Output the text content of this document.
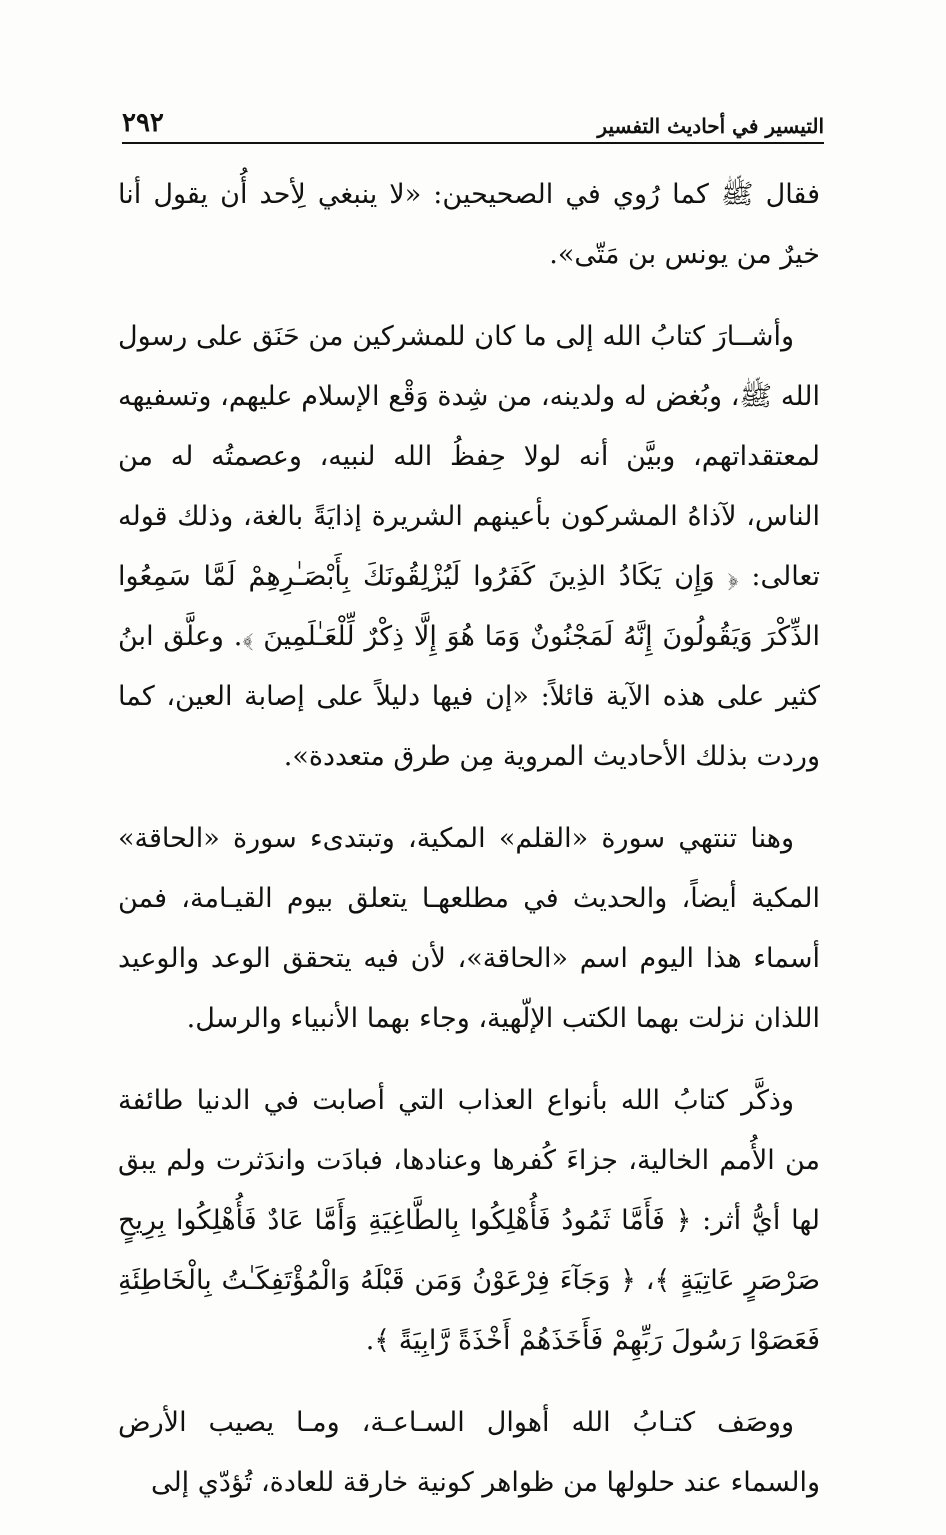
التيسير في أحاديث التفسير
٢٩٢

فقال ﷺ كما رُوي في الصحيحين: «لا ينبغي لِأحد أُن يقول أنا خيرٌ من يونس بن مَتّى».

وأشــارَ كتابُ الله إلى ما كان للمشركين من حَنَق على رسول الله ﷺ، وبُغض له ولدينه، من شِدة وَقْع الإسلام عليهم، وتسفيهه لمعتقداتهم، وبيَّن أنه لولا حِفظُ الله لنبيه، وعصمتُه له من الناس، لآذاهُ المشركون بأعينهم الشريرة إذايَةً بالغة، وذلك قوله تعالى: ﴿ وَإِن يَكَادُ الذِينَ كَفَرُوا لَيُزْلِقُونَكَ بِأَبْصَـٰرِهِمْ لَمَّا سَمِعُوا الذِّكْرَ وَيَقُولُونَ إِنَّهُ لَمَجْنُونٌ وَمَا هُوَ إِلَّا ذِكْرٌ لِّلْعَـٰلَمِينَ ﴾. وعلَّق ابنُ كثير على هذه الآية قائلاً: «إن فيها دليلاً على إصابة العين، كما وردت بذلك الأحاديث المروية مِن طرق متعددة».

وهنا تنتهي سورة «القلم» المكية، وتبتدىء سورة «الحاقة» المكية أيضاً، والحديث في مطلعهـا يتعلق بيوم القيـامة، فمن أسماء هذا اليوم اسم «الحاقة»، لأن فيه يتحقق الوعد والوعيد اللذان نزلت بهما الكتب الإلّهية، وجاء بهما الأنبياء والرسل.

وذكَّر كتابُ الله بأنواع العذاب التي أصابت في الدنيا طائفة من الأُمم الخالية، جزاءَ كُفرها وعنادها، فبادَت واندَثرت ولم يبق لها أيُّ أثر: ﴿ فَأَمَّا ثَمُودُ فَأُهْلِكُوا بِالطَّاغِيَةِ وَأَمَّا عَادٌ فَأُهْلِكُوا بِرِيحٍ صَرْصَرٍ عَاتِيَةٍ ﴾، ﴿ وَجَآءَ فِرْعَوْنُ وَمَن قَبْلَهُ وَالْمُؤْتَفِكَـٰتُ بِالْخَاطِئَةِ فَعَصَوْا رَسُولَ رَبِّهِمْ فَأَخَذَهُمْ أَخْذَةً رَّابِيَةً ﴾.

ووصَف كتـابُ الله أهوال السـاعـة، ومـا يصيب الأرض والسماء عند حلولها من ظواهر كونية خارقة للعادة، تُؤدّي إلى
